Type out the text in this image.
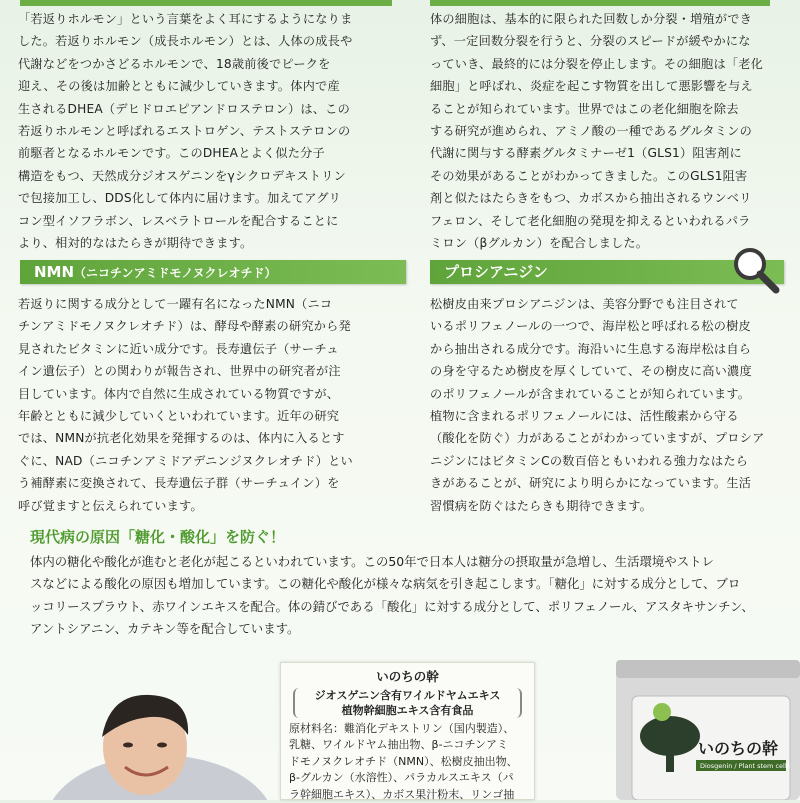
「若返りホルモン」という言葉をよく耳にするようになりま

した。若返りホルモン（成長ホルモン）とは、人体の成長や

代謝などをつかさどるホルモンで、18歳前後でピークを

迎え、その後は加齢とともに減少していきます。体内で産

生されるDHEA（デヒドロエピアンドロステロン）は、この

若返りホルモンと呼ばれるエストロゲン、テストステロンの

前駆者となるホルモンです。このDHEAとよく似た分子

構造をもつ、天然成分ジオスゲニンをγシクロデキストリン

で包接加工し、DDS化して体内に届けます。加えてアグリ

コン型イソフラボン、レスベラトロールを配合することに

より、相対的なはたらきが期待できます。

体の細胞は、基本的に限られた回数しか分裂・増殖ができ

ず、一定回数分裂を行うと、分裂のスピードが緩やかにな

っていき、最終的には分裂を停止します。その細胞は「老化

細胞」と呼ばれ、炎症を起こす物質を出して悪影響を与え

ることが知られています。世界ではこの老化細胞を除去

する研究が進められ、アミノ酸の一種であるグルタミンの

代謝に関与する酵素グルタミナーゼ1（GLS1）阻害剤に

その効果があることがわかってきました。このGLS1阻害

剤と似たはたらきをもつ、カボスから抽出されるウンベリ

フェロン、そして老化細胞の発現を抑えるといわれるパラ

ミロン（βグルカン）を配合しました。

NMN（ニコチンアミドモノヌクレオチド）	プロシアニジン

若返りに関する成分として一躍有名になったNMN（ニコ

チンアミドモノヌクレオチド）は、酵母や酵素の研究から発

見されたビタミンに近い成分です。長寿遺伝子（サーチュ

イン遺伝子）との関わりが報告され、世界中の研究者が注

目しています。体内で自然に生成されている物質ですが、

年齢とともに減少していくといわれています。近年の研究

では、NMNが抗老化効果を発揮するのは、体内に入るとす

ぐに、NAD（ニコチンアミドアデニンジヌクレオチド）とい

う補酵素に変換されて、長寿遺伝子群（サーチュイン）を

呼び覚ますと伝えられています。

松樹皮由来プロシアニジンは、美容分野でも注目されて

いるポリフェノールの一つで、海岸松と呼ばれる松の樹皮

から抽出される成分です。海沿いに生息する海岸松は自ら

の身を守るため樹皮を厚くしていて、その樹皮に高い濃度

のポリフェノールが含まれていることが知られています。

植物に含まれるポリフェノールには、活性酸素から守る

（酸化を防ぐ）力があることがわかっていますが、プロシア

ニジンにはビタミンCの数百倍ともいわれる強力なはたら

きがあることが、研究により明らかになっています。生活

習慣病を防ぐはたらきも期待できます。

現代病の原因「糖化・酸化」を防ぐ！

体内の糖化や酸化が進むと老化が起こるといわれています。この50年で日本人は糖分の摂取量が急増し、生活環境やストレ

スなどによる酸化の原因も増加しています。この糖化や酸化が様々な病気を引き起こします。「糖化」に対する成分として、ブロ

ッコリースプラウト、赤ワインエキスを配合。体の錆びである「酸化」に対する成分として、ポリフェノール、アスタキサンチン、

アントシアニン、カテキン等を配合しています。

いのちの幹
ジオスゲニン含有ワイルドヤムエキス
植物幹細胞エキス含有食品
原材料名：難消化デキストリン（国内製造）、
乳糖、ワイルドヤム抽出物、β-ニコチンアミ
ドモノヌクレオチド（NMN）、松樹皮抽出物、
β-グルカン（水溶性）、パラカルスエキス（パ
ラ幹細胞エキス）、カボス果汁粉末、リンゴ抽
いのちの幹
Diosgenin / Plant stem cells
